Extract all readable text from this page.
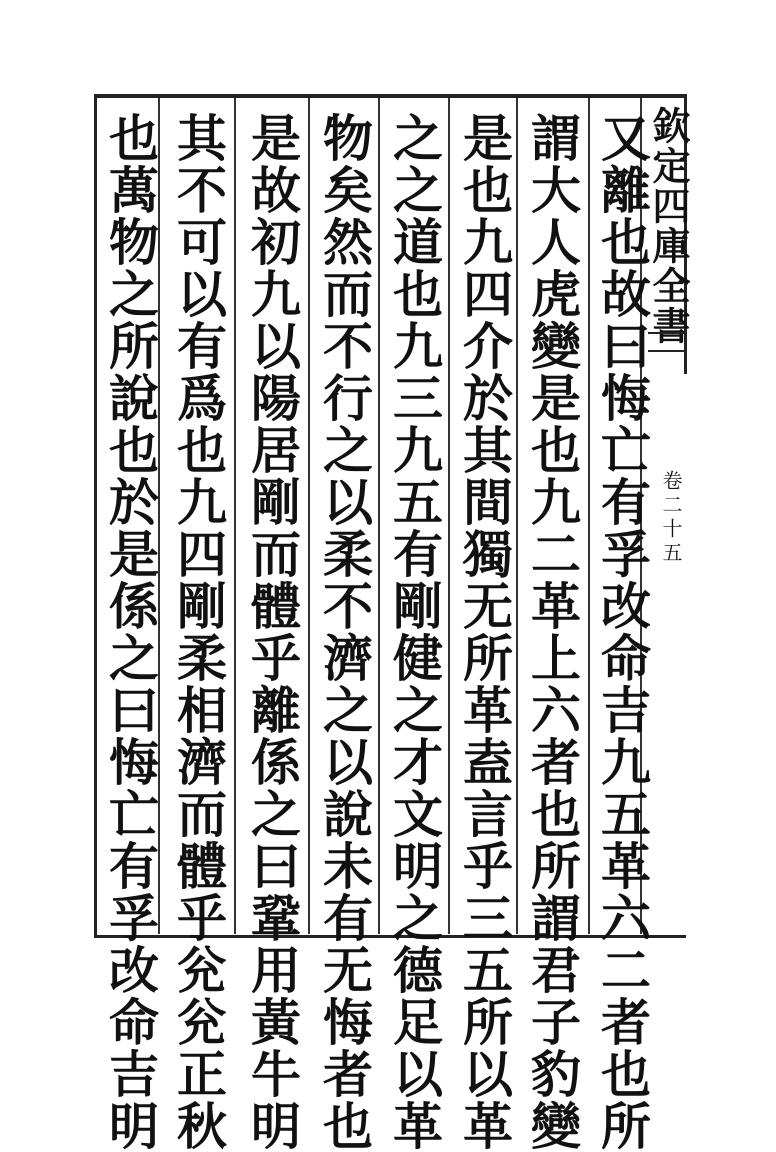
欽定四庫全書
卷二十五
又離也故曰悔亡有孚改命吉九五革六二者也所
謂大人虎變是也九二革上六者也所謂君子豹變
是也九四介於其間獨无所革盍言乎三五所以革
之之道也九三九五有剛健之才文明之德足以革
物矣然而不行之以柔不濟之以說未有无悔者也
是故初九以陽居剛而體乎離係之曰鞏用黃牛明
其不可以有爲也九四剛柔相濟而體乎兊兊正秋
也萬物之所說也於是係之曰悔亡有孚改命吉明
